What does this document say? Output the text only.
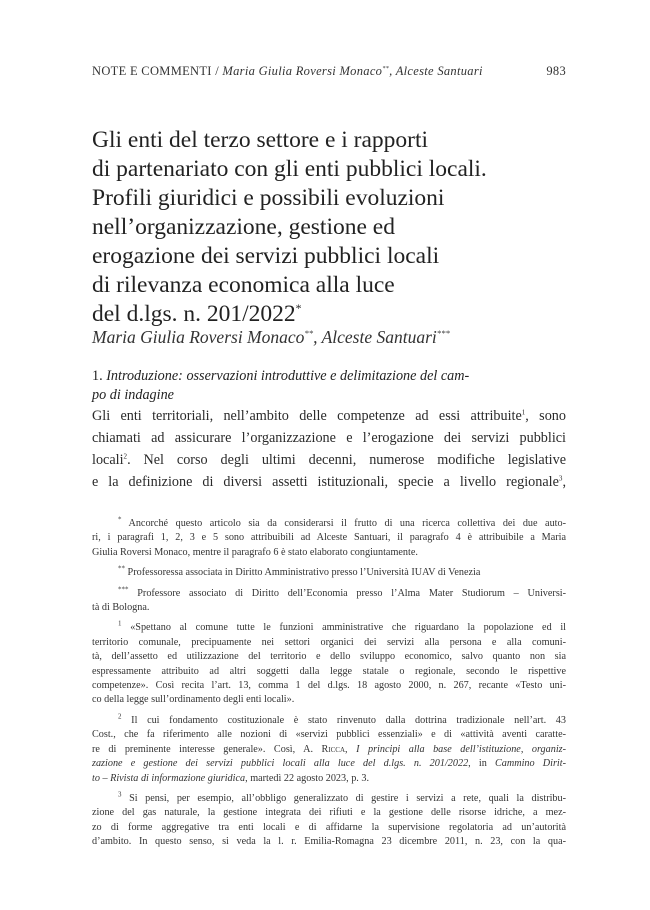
NOTE E COMMENTI / Maria Giulia Roversi Monaco**, Alceste Santuari	983
Gli enti del terzo settore e i rapporti
di partenariato con gli enti pubblici locali.
Profili giuridici e possibili evoluzioni
nell’organizzazione, gestione ed
erogazione dei servizi pubblici locali
di rilevanza economica alla luce
del d.lgs. n. 201/2022*
Maria Giulia Roversi Monaco**, Alceste Santuari***
1. Introduzione: osservazioni introduttive e delimitazione del cam-
po di indagine
Gli enti territoriali, nell’ambito delle competenze ad essi attribuite$^1$, sono
chiamati ad assicurare l’organizzazione e l’erogazione dei servizi pubblici
locali$^2$. Nel corso degli ultimi decenni, numerose modifiche legislative
e la definizione di diversi assetti istituzionali, specie a livello regionale$^3$,
* Ancorché questo articolo sia da considerarsi il frutto di una ricerca collettiva dei due auto-
ri, i paragrafi 1, 2, 3 e 5 sono attribuibili ad Alceste Santuari, il paragrafo 4 è attribuibile a Maria
Giulia Roversi Monaco, mentre il paragrafo 6 è stato elaborato congiuntamente.
** Professoressa associata in Diritto Amministrativo presso l’Università IUAV di Venezia
*** Professore associato di Diritto dell’Economia presso l’Alma Mater Studiorum – Universi-
tà di Bologna.
$^1$ «Spettano al comune tutte le funzioni amministrative che riguardano la popolazione ed il
territorio comunale, precipuamente nei settori organici dei servizi alla persona e alla comuni-
tà, dell’assetto ed utilizzazione del territorio e dello sviluppo economico, salvo quanto non sia
espressamente attribuito ad altri soggetti dalla legge statale o regionale, secondo le rispettive
competenze». Così recita l’art. 13, comma 1 del d.lgs. 18 agosto 2000, n. 267, recante «Testo uni-
co della legge sull’ordinamento degli enti locali».
$^2$ Il cui fondamento costituzionale è stato rinvenuto dalla dottrina tradizionale nell’art. 43
Cost., che fa riferimento alle nozioni di «servizi pubblici essenziali» e di «attività aventi caratte-
re di preminente interesse generale». Così, A. Ricca, I principi alla base dell’istituzione, organiz-
zazione e gestione dei servizi pubblici locali alla luce del d.lgs. n. 201/2022, in Cammino Dirit-
to – Rivista di informazione giuridica, martedì 22 agosto 2023, p. 3.
$^3$ Si pensi, per esempio, all’obbligo generalizzato di gestire i servizi a rete, quali la distribu-
zione del gas naturale, la gestione integrata dei rifiuti e la gestione delle risorse idriche, a mez-
zo di forme aggregative tra enti locali e di affidarne la supervisione regolatoria ad un’autorità
d’ambito. In questo senso, si veda la l. r. Emilia-Romagna 23 dicembre 2011, n. 23, con la qua-
